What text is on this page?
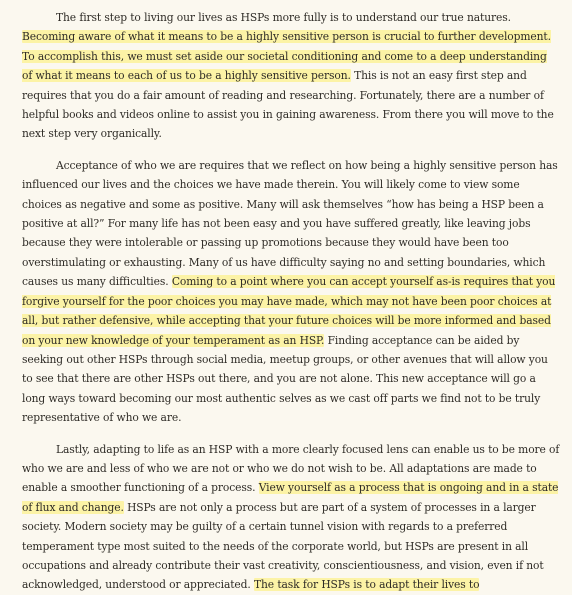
The first step to living our lives as HSPs more fully is to understand our true natures. Becoming aware of what it means to be a highly sensitive person is crucial to further development. To accomplish this, we must set aside our societal conditioning and come to a deep understanding of what it means to each of us to be a highly sensitive person. This is not an easy first step and requires that you do a fair amount of reading and researching. Fortunately, there are a number of helpful books and videos online to assist you in gaining awareness. From there you will move to the next step very organically.

Acceptance of who we are requires that we reflect on how being a highly sensitive person has influenced our lives and the choices we have made therein. You will likely come to view some choices as negative and some as positive. Many will ask themselves “how has being a HSP been a positive at all?” For many life has not been easy and you have suffered greatly, like leaving jobs because they were intolerable or passing up promotions because they would have been too overstimulating or exhausting. Many of us have difficulty saying no and setting boundaries, which causes us many difficulties. Coming to a point where you can accept yourself as-is requires that you forgive yourself for the poor choices you may have made, which may not have been poor choices at all, but rather defensive, while accepting that your future choices will be more informed and based on your new knowledge of your temperament as an HSP. Finding acceptance can be aided by seeking out other HSPs through social media, meetup groups, or other avenues that will allow you to see that there are other HSPs out there, and you are not alone. This new acceptance will go a long ways toward becoming our most authentic selves as we cast off parts we find not to be truly representative of who we are.

Lastly, adapting to life as an HSP with a more clearly focused lens can enable us to be more of who we are and less of who we are not or who we do not wish to be. All adaptations are made to enable a smoother functioning of a process. View yourself as a process that is ongoing and in a state of flux and change. HSPs are not only a process but are part of a system of processes in a larger society. Modern society may be guilty of a certain tunnel vision with regards to a preferred temperament type most suited to the needs of the corporate world, but HSPs are present in all occupations and already contribute their vast creativity, conscientiousness, and vision, even if not acknowledged, understood or appreciated. The task for HSPs is to adapt their lives to
